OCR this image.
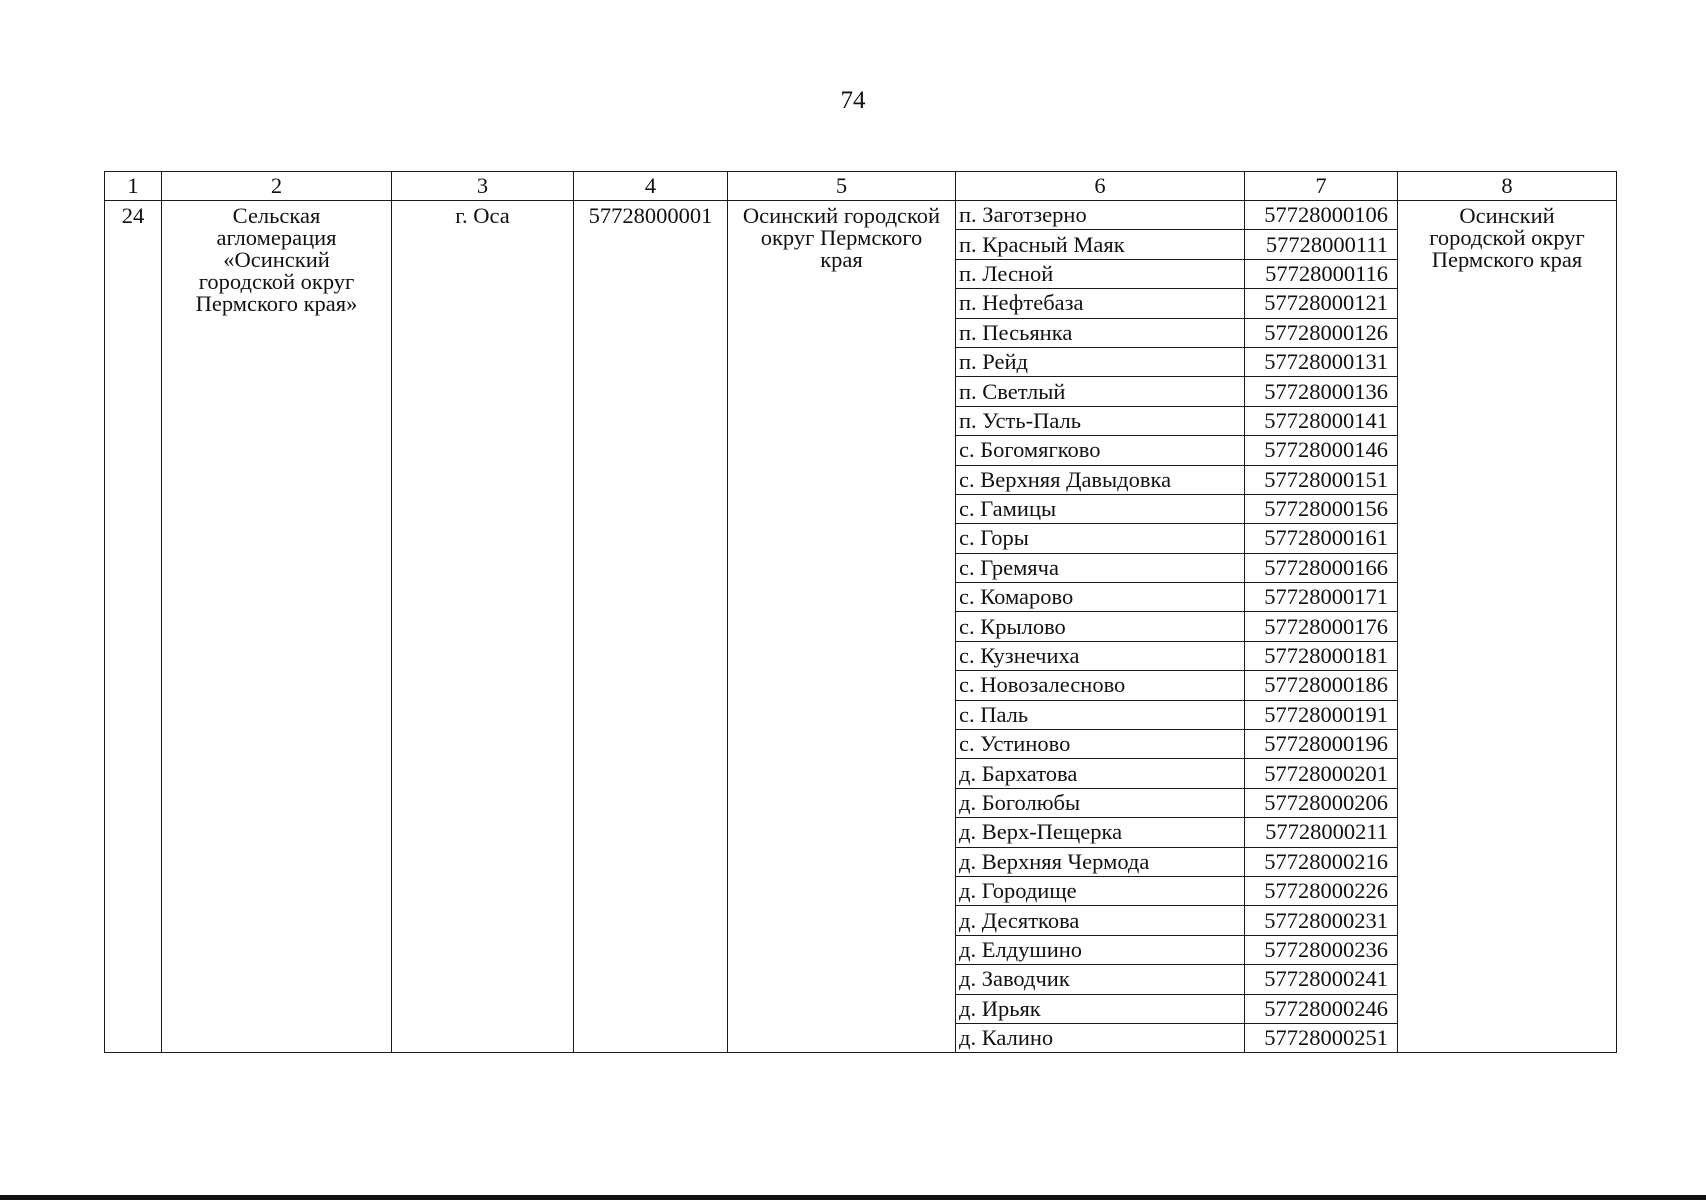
74
1	2	3	4	5	6	7	8
24	Сельская
агломерация
«Осинский
городской округ
Пермского края»	г. Оса	57728000001	Осинский городской
округ Пермского
края	п. Заготзерно	57728000106	Осинский
городской округ
Пермского края

					п. Красный Маяк	57728000111	
					п. Лесной	57728000116	
					п. Нефтебаза	57728000121	
					п. Песьянка	57728000126	
					п. Рейд	57728000131	
					п. Светлый	57728000136	
					п. Усть-Паль	57728000141	
					с. Богомягково	57728000146	
					с. Верхняя Давыдовка	57728000151	
					с. Гамицы	57728000156	
					с. Горы	57728000161	
					с. Гремяча	57728000166	
					с. Комарово	57728000171	
					с. Крылово	57728000176	
					с. Кузнечиха	57728000181	
					с. Новозалесново	57728000186	
					с. Паль	57728000191	
					с. Устиново	57728000196	
					д. Бархатова	57728000201	
					д. Боголюбы	57728000206	
					д. Верх-Пещерка	57728000211	
					д. Верхняя Чермода	57728000216	
					д. Городище	57728000226	
					д. Десяткова	57728000231	
					д. Елдушино	57728000236	
					д. Заводчик	57728000241	
					д. Ирьяк	57728000246	
					д. Калино	57728000251	
